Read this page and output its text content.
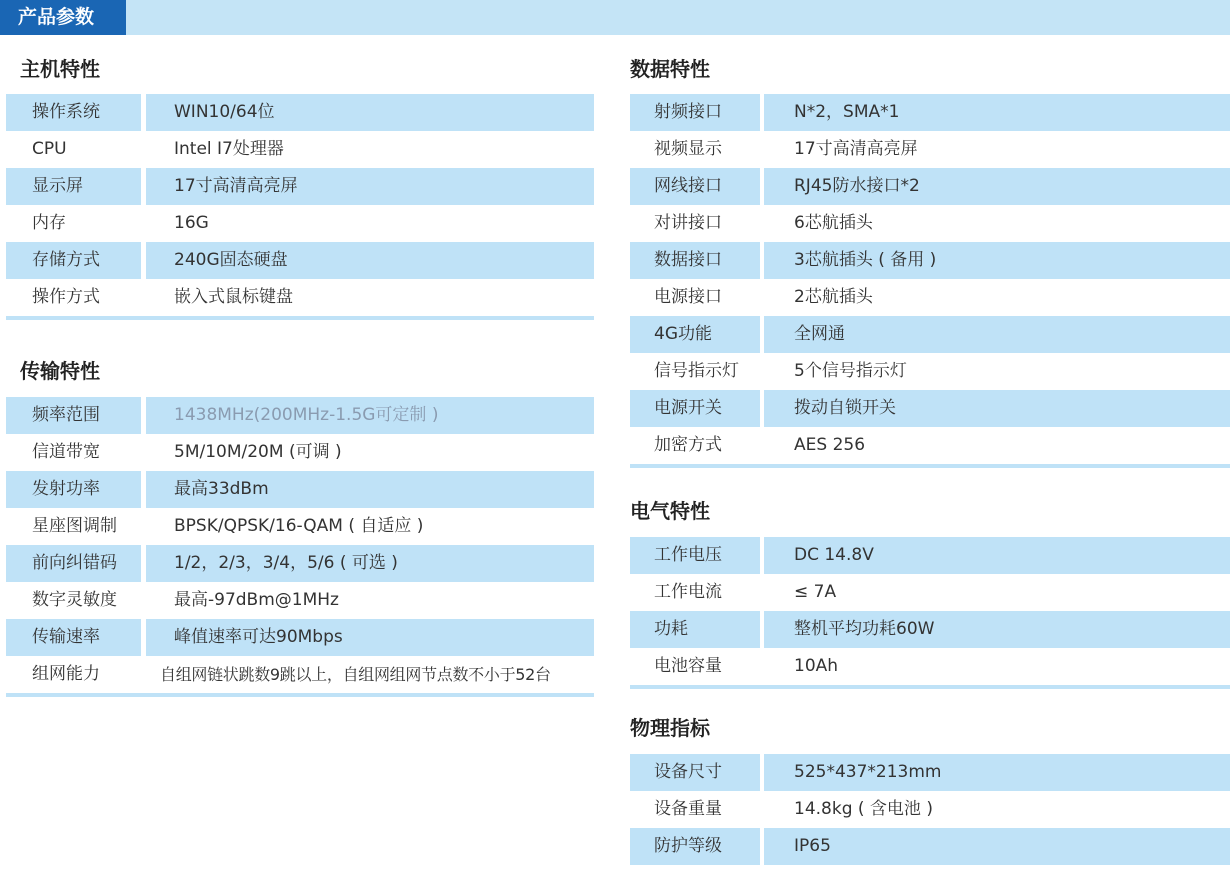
产品参数
主机特性
操作系统	WIN10/64位
CPU	Intel I7处理器
显示屏	17寸高清高亮屏
内存	16G
存储方式	240G固态硬盘
操作方式	嵌入式鼠标键盘
传输特性
频率范围	1438MHz(200MHz-1.5G可定制 )
信道带宽	5M/10M/20M (可调 )
发射功率	最高33dBm
星座图调制	BPSK/QPSK/16-QAM ( 自适应 )
前向纠错码	1/2，2/3，3/4，5/6 ( 可选 )
数字灵敏度	最高-97dBm@1MHz
传输速率	峰值速率可达90Mbps
组网能力	自组网链状跳数9跳以上，自组网组网节点数不小于52台
数据特性
射频接口	N*2，SMA*1
视频显示	17寸高清高亮屏
网线接口	RJ45防水接口*2
对讲接口	6芯航插头
数据接口	3芯航插头 ( 备用 )
电源接口	2芯航插头
4G功能	全网通
信号指示灯	5个信号指示灯
电源开关	拨动自锁开关
加密方式	AES 256
电气特性
工作电压	DC 14.8V
工作电流	≤ 7A
功耗	整机平均功耗60W
电池容量	10Ah
物理指标
设备尺寸	525*437*213mm
设备重量	14.8kg ( 含电池 )
防护等级	IP65
